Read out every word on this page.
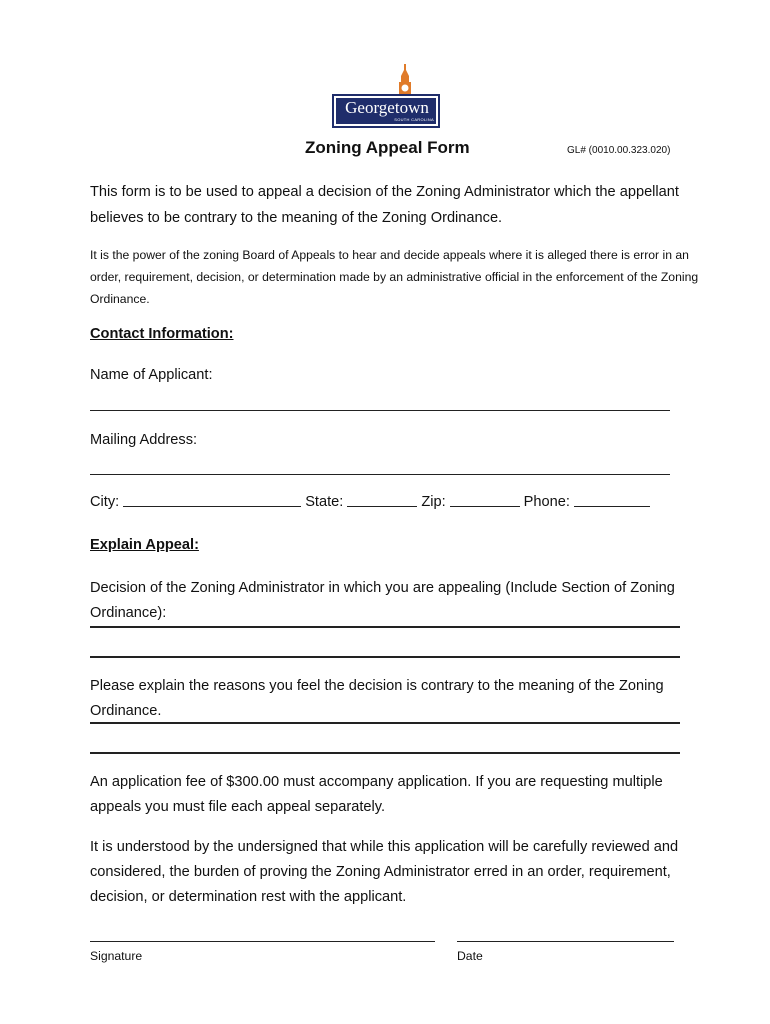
Georgetown
SOUTH CAROLINA
Zoning Appeal Form	GL# (0010.00.323.020)
This form is to be used to appeal a decision of the Zoning Administrator which the appellant believes to be contrary to the meaning of the Zoning Ordinance.
It is the power of the zoning Board of Appeals to hear and decide appeals where it is alleged there is error in an order, requirement, decision, or determination made by an administrative official in the enforcement of the Zoning Ordinance.
Contact Information:
Name of Applicant:
Mailing Address:
City:	State:	Zip:	Phone:
Explain Appeal:
Decision of the Zoning Administrator in which you are appealing (Include Section of Zoning Ordinance):
Please explain the reasons you feel the decision is contrary to the meaning of the Zoning Ordinance.
An application fee of $300.00 must accompany application. If you are requesting multiple appeals you must file each appeal separately.
It is understood by the undersigned that while this application will be carefully reviewed and considered, the burden of proving the Zoning Administrator erred in an order, requirement, decision, or determination rest with the applicant.
Signature	Date
